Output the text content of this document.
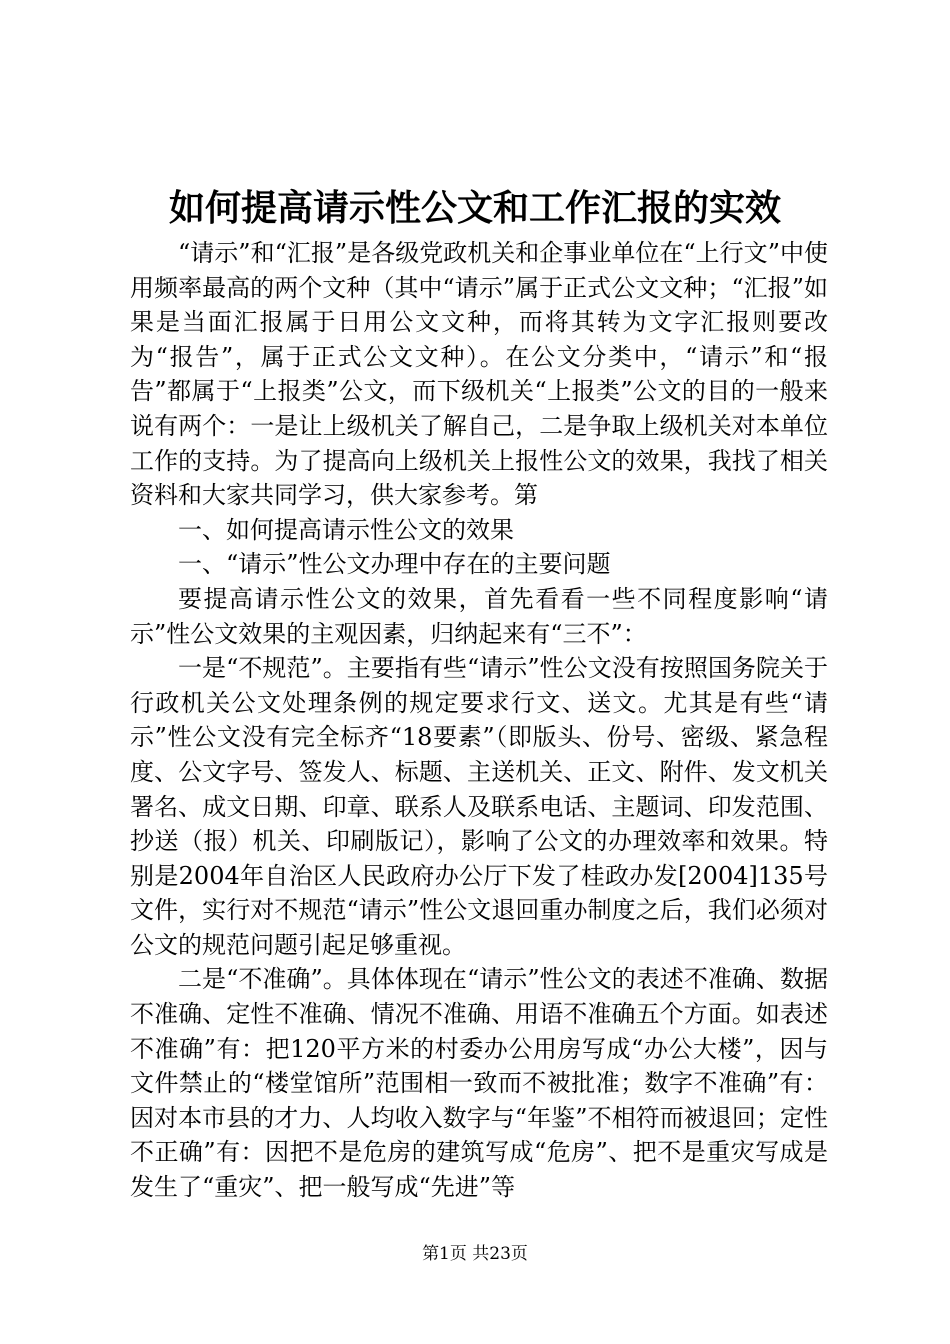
如何提高请示性公文和工作汇报的实效

“请示”和“汇报”是各级党政机关和企事业单位在“上行文”中使用频率最高的两个文种（其中“请示”属于正式公文文种；“汇报”如果是当面汇报属于日用公文文种，而将其转为文字汇报则要改为“报告”，属于正式公文文种）。在公文分类中，“请示”和“报告”都属于“上报类”公文，而下级机关“上报类”公文的目的一般来说有两个：一是让上级机关了解自己，二是争取上级机关对本单位工作的支持。为了提高向上级机关上报性公文的效果，我找了相关资料和大家共同学习，供大家参考。第

一、如何提高请示性公文的效果

一、“请示”性公文办理中存在的主要问题

要提高请示性公文的效果，首先看看一些不同程度影响“请示”性公文效果的主观因素，归纳起来有“三不”：

一是“不规范”。主要指有些“请示”性公文没有按照国务院关于行政机关公文处理条例的规定要求行文、送文。尤其是有些“请示”性公文没有完全标齐“18要素”（即版头、份号、密级、紧急程度、公文字号、签发人、标题、主送机关、正文、附件、发文机关署名、成文日期、印章、联系人及联系电话、主题词、印发范围、抄送（报）机关、印刷版记），影响了公文的办理效率和效果。特别是2004年自治区人民政府办公厅下发了桂政办发[2004]135号文件，实行对不规范“请示”性公文退回重办制度之后，我们必须对公文的规范问题引起足够重视。

二是“不准确”。具体体现在“请示”性公文的表述不准确、数据不准确、定性不准确、情况不准确、用语不准确五个方面。如表述不准确”有：把120平方米的村委办公用房写成“办公大楼”，因与文件禁止的“楼堂馆所”范围相一致而不被批准；数字不准确”有：因对本市县的才力、人均收入数字与“年鉴”不相符而被退回；定性不正确”有：因把不是危房的建筑写成“危房”、把不是重灾写成是发生了“重灾”、把一般写成“先进”等

第1页 共23页
